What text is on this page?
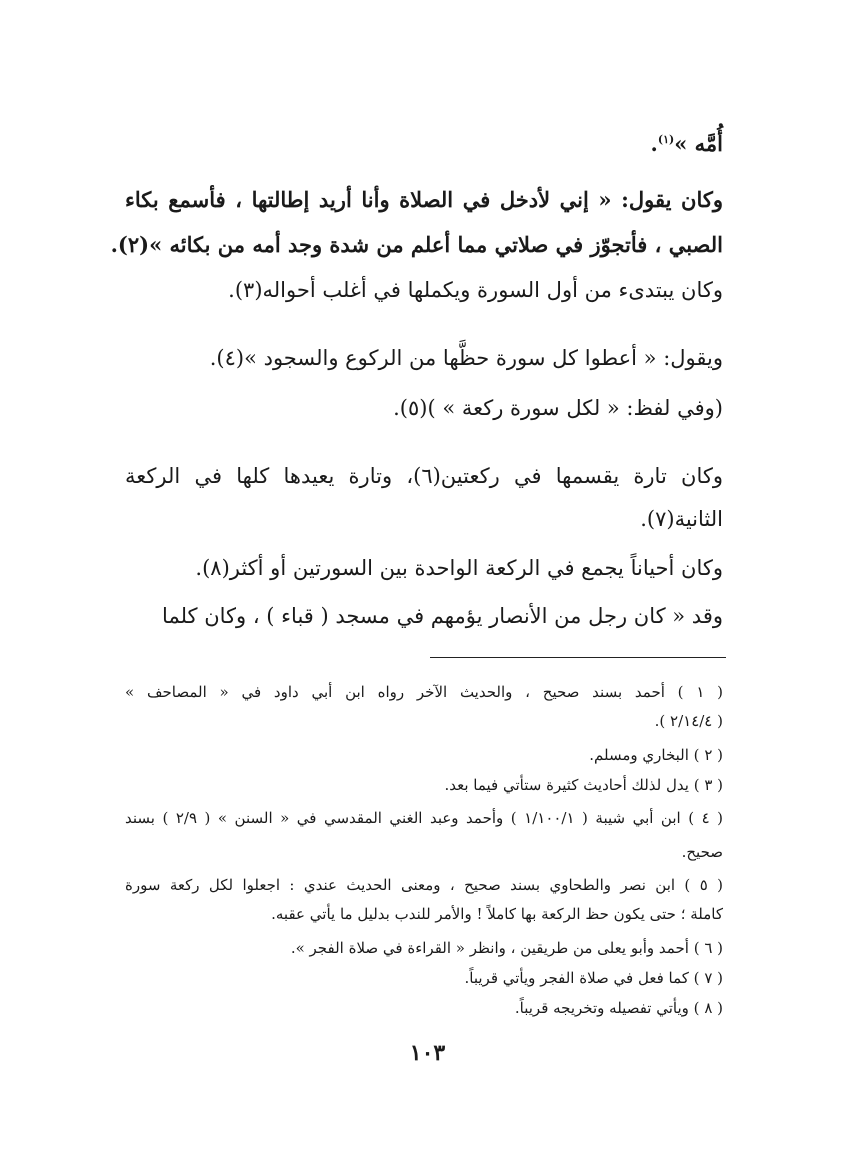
أُمَّه »$^{(١)}$.
وكان يقول: « إني لأدخل في الصلاة وأنا أريد إطالتها ، فأسمع بكاء
الصبي ، فأتجوّز في صلاتي مما أعلم من شدة وجد أمه من بكائه »(٢).
وكان يبتدىء من أول السورة ويكملها في أغلب أحواله(٣).
ويقول: « أعطوا كل سورة حظَّها من الركوع والسجود »(٤).
(وفي لفظ: « لكل سورة ركعة » )(٥).
وكان تارة يقسمها في ركعتين(٦)، وتارة يعيدها كلها في الركعة
الثانية(٧).
وكان أحياناً يجمع في الركعة الواحدة بين السورتين أو أكثر(٨).
وقد « كان رجل من الأنصار يؤمهم في مسجد ( قباء ) ، وكان كلما
( ١ ) أحمد بسند صحيح ، والحديث الآخر رواه ابن أبي داود في « المصاحف »
( ٢/١٤/٤ ).
( ٢ ) البخاري ومسلم.
( ٣ ) يدل لذلك أحاديث كثيرة ستأتي فيما بعد.
( ٤ ) ابن أبي شيبة ( ١/١٠٠/١ ) وأحمد وعبد الغني المقدسي في « السنن » ( ٢/٩ ) بسند
صحيح.
( ٥ ) ابن نصر والطحاوي بسند صحيح ، ومعنى الحديث عندي : اجعلوا لكل ركعة سورة
كاملة ؛ حتى يكون حظ الركعة بها كاملاً ! والأمر للندب بدليل ما يأتي عقبه.
( ٦ ) أحمد وأبو يعلى من طريقين ، وانظر « القراءة في صلاة الفجر ».
( ٧ ) كما فعل في صلاة الفجر ويأتي قريباً.
( ٨ ) ويأتي تفصيله وتخريجه قريباً.
١٠٣
